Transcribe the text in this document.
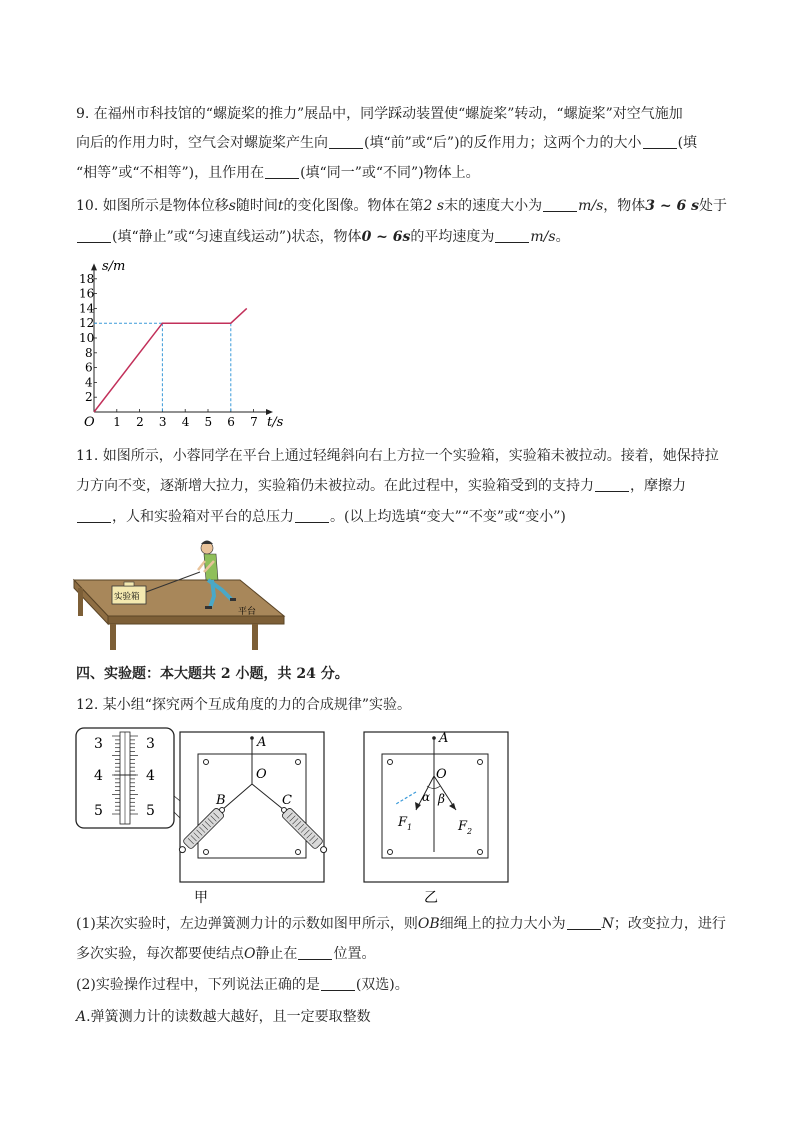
9. 在福州市科技馆的“螺旋桨的推力”展品中，同学踩动装置使“螺旋桨”转动，“螺旋桨”对空气施加
向后的作用力时，空气会对螺旋桨产生向	(填“前”或“后”)的反作用力；这两个力的大小	(填
“相等”或“不相等”)，且作用在	(填“同一”或“不同”)物体上。
10. 如图所示是物体位移s随时间t的变化图像。物体在第2 s末的速度大小为	m/s，物体3 ~ 6 s处于
(填“静止”或“匀速直线运动”)状态，物体0 ~ 6s的平均速度为	m/s。
1 2 3 4 5 6 7
2
4
6
8
10
12
14
16
18
s/m
t/s
O
11. 如图所示，小蓉同学在平台上通过轻绳斜向右上方拉一个实验箱，实验箱未被拉动。接着，她保持拉
力方向不变，逐渐增大拉力，实验箱仍未被拉动。在此过程中，实验箱受到的支持力	，摩擦力
，人和实验箱对平台的总压力	。(以上均选填“变大”“不变”或“变小”)
实验箱
平台
四、实验题：本大题共 2 小题，共 24 分。
12. 某小组“探究两个互成角度的力的合成规律”实验。
3
4
5
3
4
5
A
O
B	C
甲
A
O
α β
$F_1$	$F_2$
乙
(1)某次实验时，左边弹簧测力计的示数如图甲所示，则OB细绳上的拉力大小为	N；改变拉力，进行
多次实验，每次都要使结点O静止在	位置。
(2)实验操作过程中，下列说法正确的是	(双选)。
A.弹簧测力计的读数越大越好，且一定要取整数
